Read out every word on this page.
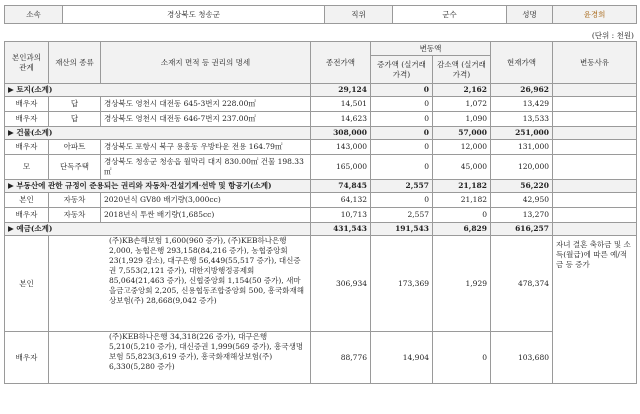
소속	경상북도 청송군	직위	군수	성명	윤경희
(단위 : 천원)
본인과의 관계	재산의 종류	소재지 면적 등 권리의 명세	종전가액	변동액		현재가액	변동사유
				증가액 (실거래가격)	감소액 (실거래가격)		
▶ 토지(소계)			29,124	0	2,162	26,962	
배우자	답	경상북도 영천시 대전동 645-3번지 228.00㎡	14,501	0	1,072	13,429	
배우자	답	경상북도 영천시 대전동 646-7번지 237.00㎡	14,623	0	1,090	13,533	
▶ 건물(소계)			308,000	0	57,000	251,000	
배우자	아파트	경상북도 포항시 북구 용흥동 우방타운 전용 164.79㎡	143,000	0	12,000	131,000	
모	단독주택	경상북도 청송군 청송읍 월막리 대지 830.00㎡ 건물 198.33㎡	165,000	0	45,000	120,000	
▶ 부동산에 관한 규정이 준용되는 권리와 자동차·건설기계·선박 및 항공기(소계)			74,845	2,557	21,182	56,220	
본인	자동차	2020년식 GV80 배기량(3,000cc)	64,132	0	21,182	42,950	
배우자	자동차	2018년식 투싼 배기량(1,685cc)	10,713	2,557	0	13,270	
▶ 예금(소계)			431,543	191,543	6,829	616,257	
본인	(주)KB손해보험 1,600(960 증가), (주)KEB하나은행 2,000, 농협은행 293,158(84,216 증가), 농협중앙회 23(1,929 감소), 대구은행 56,449(55,517 증가), 대신증권 7,553(2,121 증가), 대한지방행정공제회 85,064(21,463 증가), 신협중앙회 1,154(50 증가), 새마을금고중앙회 2,205, 신용협동조합중앙회 500, 흥국화재해상보험(주) 28,668(9,042 증가)		306,934	173,369	1,929	478,374	자녀 결혼 축하금 및 소득(월급)에 따른 예/적금 등 증가
배우자	(주)KEB하나은행 34,318(226 증가), 대구은행 5,210(5,210 증가), 대신증권 1,999(569 증가), 흥국생명보험 55,823(3,619 증가), 흥국화재해상보험(주) 6,330(5,280 증가)		88,776	14,904	0	103,680	
